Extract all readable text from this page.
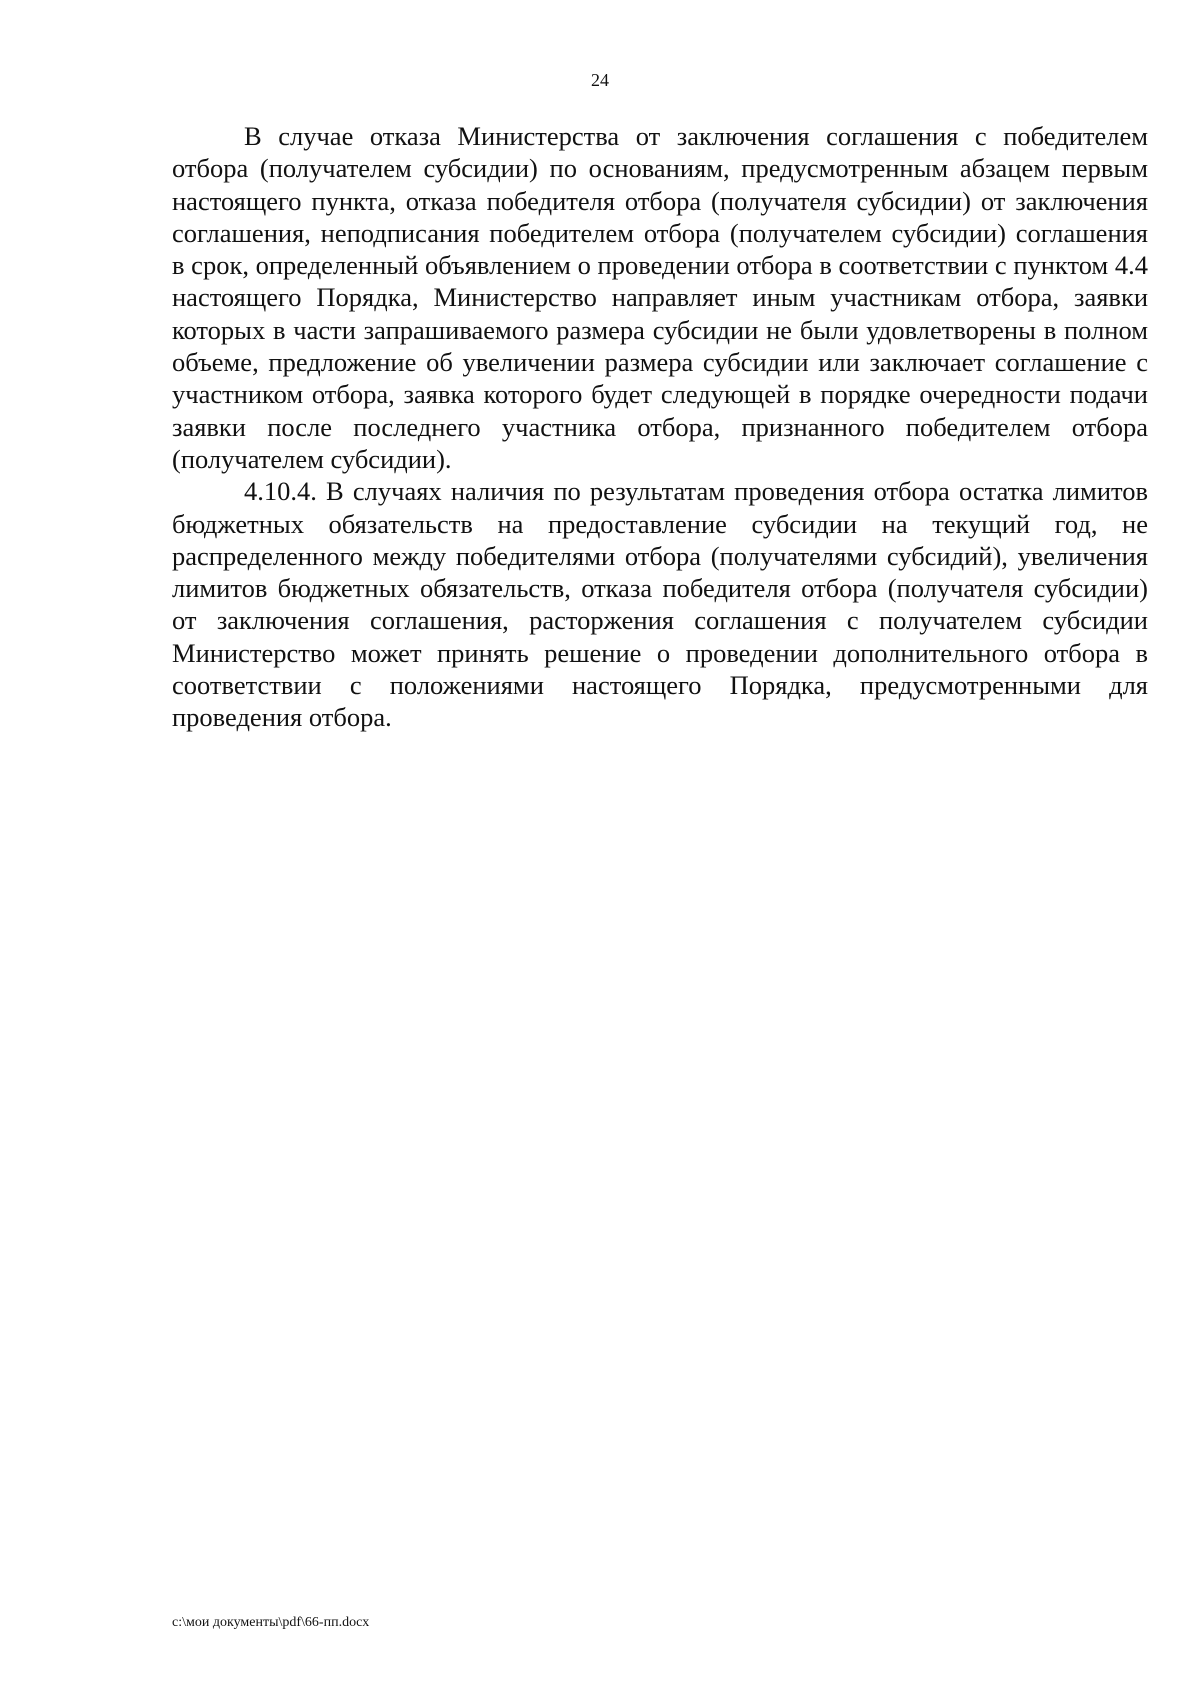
24

В случае отказа Министерства от заключения соглашения с победителем отбора (получателем субсидии) по основаниям, предусмотренным абзацем первым настоящего пункта, отказа победителя отбора (получателя субсидии) от заключения соглашения, неподписания победителем отбора (получателем субсидии) соглашения в срок, определенный объявлением о проведении отбора в соответствии с пунктом 4.4 настоящего Порядка, Министерство направляет иным участникам отбора, заявки которых в части запрашиваемого размера субсидии не были удовлетворены в полном объеме, предложение об увеличении размера субсидии или заключает соглашение с участником отбора, заявка которого будет следующей в порядке очередности подачи заявки после последнего участника отбора, признанного победителем отбора (получателем субсидии).

4.10.4. В случаях наличия по результатам проведения отбора остатка лимитов бюджетных обязательств на предоставление субсидии на текущий год, не распределенного между победителями отбора (получателями субсидий), увеличения лимитов бюджетных обязательств, отказа победителя отбора (получателя субсидии) от заключения соглашения, расторжения соглашения с получателем субсидии Министерство может принять решение о проведении дополнительного отбора в соответствии с положениями настоящего Порядка, предусмотренными для проведения отбора.

c:\мои документы\pdf\66-пп.docx
